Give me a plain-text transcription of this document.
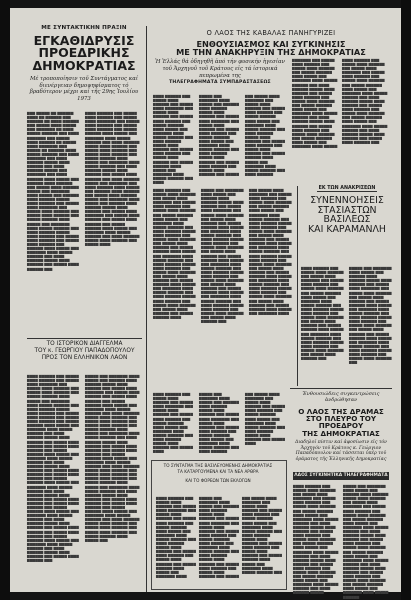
ΜΕ ΣΥΝΤΑΚΤΙΚΗΝ ΠΡΑΞΙΝ
ΕΓΚΑΘΙΔΡΥΣΙΣ
ΠΡΟΕΔΡΙΚΗΣ
ΔΗΜΟΚΡΑΤΙΑΣ
Μέ τροποποίησιν τοῦ Συντάγματος καί διενέργειαν δημοψηφίσματος τό βραδύτερον μέχρι καί τῆς 29ης Ἰουλίου 1973

▆▆▆ ▆▆▆▆▆ ▆▆ ▆▆▆▆▆▆ ▆▆▆▆ ▆▆ ▆▆▆▆▆▆ ▆▆▆ ▆▆▆▆▆▆ ▆▆ ▆▆▆▆ ▆▆▆▆▆▆ ▆▆▆ ▆▆▆▆▆ ▆▆▆▆ ▆▆▆▆▆ ▆▆▆ ▆▆▆▆▆▆▆ ▆▆ ▆▆▆▆ ▆▆▆▆▆ ▆▆▆▆▆▆ ▆▆▆ ▆▆▆▆ ▆▆▆▆▆▆▆ ▆▆▆ ▆▆▆▆▆ ▆▆▆▆ ▆▆▆▆▆▆ ▆▆ ▆▆▆▆▆ ▆▆▆▆ ▆▆▆▆▆▆▆ ▆▆▆ ▆▆▆▆▆ ▆▆ ▆▆▆▆▆▆ ▆▆▆▆ ▆▆▆▆▆ ▆▆▆▆▆▆ ▆▆▆ ▆▆▆▆ ▆▆▆▆▆▆▆ ▆▆▆ ▆▆▆▆ ▆▆▆▆▆▆ ▆▆▆▆▆ ▆▆▆▆ ▆▆▆▆▆▆ ▆▆▆ ▆▆▆▆ ▆▆▆▆▆▆ ▆▆▆▆▆ ▆▆▆ ▆▆▆▆▆▆▆ ▆▆▆ ▆▆▆▆ ▆▆▆▆▆▆ ▆▆▆▆ ▆▆▆▆▆ ▆▆▆ ▆▆▆▆▆▆ ▆▆▆▆ ▆▆▆▆▆▆ ▆▆▆ ▆▆▆▆▆ ▆▆▆▆ ▆▆▆▆▆▆ ▆▆▆▆▆ ▆▆▆ ▆▆▆▆▆▆▆ ▆▆▆▆ ▆▆▆▆▆ ▆▆▆ ▆▆▆▆▆▆ ▆▆▆▆ ▆▆▆▆▆▆ ▆▆▆▆▆ ▆▆▆▆ ▆▆▆▆▆▆ ▆▆▆ ▆▆▆▆▆ ▆▆▆▆ ▆▆▆▆▆▆▆ ▆▆▆ ▆▆▆▆▆ ▆▆▆▆ ▆▆▆▆▆▆ ▆▆▆ ▆▆▆▆▆ ▆▆▆▆ ▆▆▆▆▆▆ ▆▆▆ ▆▆▆▆▆ ▆▆▆▆▆▆ ▆▆▆▆ ▆▆▆▆▆ ▆▆▆ ▆▆▆▆▆▆▆ ▆▆▆▆ ▆▆▆▆▆ ▆▆▆▆▆▆ ▆▆▆ ▆▆▆▆ ▆▆▆▆▆▆ ▆▆▆▆▆ ▆▆▆▆ ▆▆▆▆▆▆ ▆▆▆ ▆▆▆▆▆ ▆▆▆▆ ▆▆▆▆▆▆ ▆▆▆ ▆▆▆▆▆ ▆▆▆▆ ▆▆▆▆▆▆ ▆▆▆ ▆▆▆▆▆▆ ▆▆▆▆ ▆▆▆▆▆ ▆▆▆ ▆▆▆▆▆▆▆ ▆▆▆▆ ▆▆▆▆▆ ▆▆▆▆▆▆ ▆▆▆ ▆▆▆▆ ▆▆▆▆▆▆ ▆▆▆▆▆ ▆▆▆▆ ▆▆▆▆▆▆ ▆▆▆ ▆▆▆▆▆ ▆▆▆▆ ▆▆▆▆▆▆ ▆▆▆

▆▆▆▆ ▆▆▆▆▆▆ ▆▆▆ ▆▆▆▆▆ ▆▆▆▆ ▆▆▆▆▆▆ ▆▆▆ ▆▆▆▆▆ ▆▆▆▆ ▆▆▆▆▆▆▆ ▆▆▆ ▆▆▆▆▆ ▆▆▆▆ ▆▆▆▆▆▆ ▆▆▆ ▆▆▆▆▆ ▆▆▆▆ ▆▆▆▆▆▆ ▆▆▆ ▆▆▆▆▆ ▆▆▆▆▆▆ ▆▆▆▆ ▆▆▆▆▆ ▆▆▆ ▆▆▆▆▆▆▆ ▆▆▆▆ ▆▆▆▆▆ ▆▆▆▆▆▆ ▆▆▆ ▆▆▆▆ ▆▆▆▆▆▆ ▆▆▆▆▆ ▆▆▆▆ ▆▆▆▆▆▆ ▆▆▆ ▆▆▆▆▆ ▆▆▆▆ ▆▆▆▆▆▆ ▆▆▆ ▆▆▆▆▆ ▆▆▆▆ ▆▆▆▆▆▆ ▆▆▆ ▆▆▆▆▆ ▆▆▆▆▆▆ ▆▆▆▆ ▆▆▆▆▆ ▆▆▆ ▆▆▆▆▆▆▆ ▆▆▆▆ ▆▆▆▆▆ ▆▆▆▆▆▆ ▆▆▆ ▆▆▆▆ ▆▆▆▆▆▆ ▆▆▆▆▆ ▆▆▆▆ ▆▆▆▆▆▆ ▆▆▆ ▆▆▆▆▆ ▆▆▆▆ ▆▆▆▆▆▆ ▆▆▆ ▆▆▆▆ ▆▆▆▆▆▆ ▆▆▆▆▆ ▆▆▆ ▆▆▆▆▆▆▆ ▆▆▆ ▆▆▆▆ ▆▆▆▆▆▆ ▆▆▆▆ ▆▆▆▆▆ ▆▆▆ ▆▆▆▆▆▆ ▆▆▆▆ ▆▆▆▆▆▆ ▆▆▆ ▆▆▆▆▆ ▆▆▆▆ ▆▆▆▆▆▆ ▆▆▆▆▆ ▆▆▆ ▆▆▆▆▆▆▆ ▆▆▆▆ ▆▆▆▆▆ ▆▆▆ ▆▆▆▆▆▆ ▆▆▆▆ ▆▆▆▆▆▆ ▆▆▆▆▆ ▆▆▆▆ ▆▆▆▆▆▆ ▆▆▆ ▆▆▆▆▆ ▆▆▆▆ ▆▆▆▆▆▆▆ ▆▆▆ ▆▆▆▆▆ ▆▆▆▆ ▆▆▆▆▆▆ ▆▆▆ ▆▆▆▆▆ ▆▆▆▆ ▆▆▆▆▆▆ ▆▆▆ ▆▆▆▆▆ ▆▆▆▆▆▆ ▆▆▆▆ ▆▆▆▆▆ ▆▆▆ ▆▆▆▆▆▆▆ ▆▆▆▆ ▆▆▆▆▆ ▆▆▆▆▆▆ ▆▆▆ ▆▆▆▆ ▆▆▆▆▆▆ ▆▆▆▆▆ ▆▆▆▆ ▆▆▆▆▆▆ ▆▆▆ ▆▆▆▆▆ ▆▆▆▆

Ο ΛΑΟΣ ΤΗΣ ΚΑΒΑΛΑΣ ΠΑΝΗΓΥΡΙΖΕΙ
ΕΝΘΟΥΣΙΑΣΜΟΣ ΚΑΙ ΣΥΓΚΙΝΗΣΙΣ
ΜΕ ΤΗΝ ΑΝΑΚΗΡΥΞΙΝ ΤΗΣ ΔΗΜΟΚΡΑΤΙΑΣ
Ἡ Ἑλλάς θά ὁδηγηθῆ ἀπό τήν φυσικήν ἡγεσίαν τοῦ Ἀρχηγοῦ τοῦ Κράτους εἰς τά ἱστορικά πεπρωμένα της
ΤΗΛΕΓΡΑΦΗΜΑΤΑ ΣΥΜΠΑΡΑΣΤΑΣΕΩΣ

▆▆▆▆ ▆▆▆▆▆▆ ▆▆▆ ▆▆▆▆▆ ▆▆▆▆ ▆▆▆▆▆▆ ▆▆▆ ▆▆▆▆▆ ▆▆▆▆ ▆▆▆▆▆▆▆ ▆▆▆ ▆▆▆▆▆ ▆▆▆▆ ▆▆▆▆▆▆ ▆▆▆ ▆▆▆▆▆ ▆▆▆▆ ▆▆▆▆▆▆ ▆▆▆ ▆▆▆▆▆ ▆▆▆▆▆▆ ▆▆▆▆ ▆▆▆▆▆ ▆▆▆ ▆▆▆▆▆▆▆ ▆▆▆▆ ▆▆▆▆▆ ▆▆▆▆▆▆ ▆▆▆ ▆▆▆▆ ▆▆▆▆▆▆ ▆▆▆▆▆ ▆▆▆▆ ▆▆▆▆▆▆ ▆▆▆ ▆▆▆▆▆ ▆▆▆▆ ▆▆▆▆▆▆ ▆▆▆ ▆▆▆▆▆ ▆▆▆▆ ▆▆▆▆▆▆ ▆▆▆ ▆▆▆▆▆ ▆▆▆▆▆▆ ▆▆▆▆ ▆▆▆▆▆ ▆▆▆ ▆▆▆▆▆▆▆ ▆▆▆▆ ▆▆▆▆▆ ▆▆▆▆▆▆ ▆▆▆ ▆▆▆▆

▆▆▆▆▆ ▆▆▆ ▆▆▆▆▆▆▆ ▆▆▆▆ ▆▆▆▆▆ ▆▆▆ ▆▆▆▆▆▆ ▆▆▆▆ ▆▆▆▆▆▆ ▆▆▆▆▆ ▆▆▆▆ ▆▆▆▆▆▆ ▆▆▆ ▆▆▆▆▆ ▆▆▆▆ ▆▆▆▆▆▆▆ ▆▆▆ ▆▆▆▆▆ ▆▆▆▆ ▆▆▆▆▆▆ ▆▆▆ ▆▆▆▆▆ ▆▆▆▆ ▆▆▆▆▆▆ ▆▆▆ ▆▆▆▆▆ ▆▆▆▆▆▆ ▆▆▆▆ ▆▆▆▆▆ ▆▆▆ ▆▆▆▆▆▆▆ ▆▆▆▆ ▆▆▆▆▆ ▆▆▆▆▆▆ ▆▆▆ ▆▆▆▆ ▆▆▆▆▆▆ ▆▆▆▆▆ ▆▆▆▆ ▆▆▆▆▆▆ ▆▆▆ ▆▆▆▆▆ ▆▆▆▆ ▆▆▆▆▆▆ ▆▆▆ ▆▆▆▆▆ ▆▆▆▆ ▆▆▆▆▆▆ ▆▆▆ ▆▆▆▆▆

▆▆▆ ▆▆▆▆▆ ▆▆▆▆ ▆▆▆▆▆▆▆ ▆▆▆ ▆▆▆▆▆ ▆▆▆▆ ▆▆▆▆▆▆ ▆▆▆ ▆▆▆▆▆ ▆▆▆▆ ▆▆▆▆▆▆ ▆▆▆ ▆▆▆▆▆ ▆▆▆▆▆▆ ▆▆▆▆ ▆▆▆▆▆ ▆▆▆ ▆▆▆▆▆▆▆ ▆▆▆▆ ▆▆▆▆▆ ▆▆▆▆▆▆ ▆▆▆ ▆▆▆▆ ▆▆▆▆▆▆ ▆▆▆▆▆ ▆▆▆▆ ▆▆▆▆▆▆ ▆▆▆ ▆▆▆▆▆ ▆▆▆▆ ▆▆▆▆▆▆ ▆▆▆ ▆▆▆▆▆ ▆▆▆▆ ▆▆▆▆▆▆ ▆▆▆ ▆▆▆▆▆ ▆▆▆▆▆▆ ▆▆▆▆ ▆▆▆▆▆ ▆▆▆ ▆▆▆▆▆▆▆ ▆▆▆▆ ▆▆▆▆▆ ▆▆▆▆▆▆ ▆▆▆ ▆▆▆▆ ▆▆▆▆▆▆

▆▆▆▆▆▆▆ ▆▆▆ ▆▆▆▆▆ ▆▆▆▆ ▆▆▆▆▆▆ ▆▆▆ ▆▆▆▆▆ ▆▆▆▆ ▆▆▆▆▆▆ ▆▆▆ ▆▆▆▆▆ ▆▆▆▆▆▆ ▆▆▆▆ ▆▆▆▆▆ ▆▆▆ ▆▆▆▆▆▆▆ ▆▆▆▆ ▆▆▆▆▆ ▆▆▆▆▆▆ ▆▆▆ ▆▆▆▆ ▆▆▆▆▆▆ ▆▆▆▆▆ ▆▆▆▆ ▆▆▆▆▆▆ ▆▆▆ ▆▆▆▆▆ ▆▆▆▆ ▆▆▆▆▆▆ ▆▆▆ ▆▆▆▆▆ ▆▆▆▆ ▆▆▆▆▆▆ ▆▆▆ ▆▆▆▆▆ ▆▆▆▆▆▆ ▆▆▆▆ ▆▆▆▆▆ ▆▆▆ ▆▆▆▆▆▆▆ ▆▆▆▆ ▆▆▆▆▆ ▆▆▆▆▆▆ ▆▆▆ ▆▆▆▆ ▆▆▆▆▆▆ ▆▆▆▆▆ ▆▆▆▆ ▆▆▆▆▆▆ ▆▆▆ ▆▆▆▆▆ ▆▆▆▆ ▆▆▆▆▆▆ ▆▆▆ ▆▆▆▆▆ ▆▆▆▆ ▆▆▆▆▆▆ ▆▆▆ ▆▆▆▆▆ ▆▆▆▆▆▆ ▆▆▆▆ ▆▆▆▆▆ ▆▆▆ ▆▆▆▆▆▆▆ ▆▆▆▆ ▆▆▆▆▆

▆▆▆▆ ▆▆▆▆▆▆ ▆▆▆ ▆▆▆▆▆ ▆▆▆▆ ▆▆▆▆▆▆ ▆▆▆ ▆▆▆▆▆ ▆▆▆▆ ▆▆▆▆▆▆▆ ▆▆▆ ▆▆▆▆▆ ▆▆▆▆ ▆▆▆▆▆▆ ▆▆▆ ▆▆▆▆▆ ▆▆▆▆ ▆▆▆▆▆▆ ▆▆▆ ▆▆▆▆▆ ▆▆▆▆▆▆ ▆▆▆▆ ▆▆▆▆▆ ▆▆▆ ▆▆▆▆▆▆▆ ▆▆▆▆ ▆▆▆▆▆ ▆▆▆▆▆▆ ▆▆▆ ▆▆▆▆ ▆▆▆▆▆▆ ▆▆▆▆▆ ▆▆▆▆ ▆▆▆▆▆▆ ▆▆▆ ▆▆▆▆▆ ▆▆▆▆ ▆▆▆▆▆▆ ▆▆▆ ▆▆▆▆▆ ▆▆▆▆ ▆▆▆▆▆▆ ▆▆▆ ▆▆▆▆▆ ▆▆▆▆▆▆ ▆▆▆▆ ▆▆▆▆▆ ▆▆▆ ▆▆▆▆▆▆▆ ▆▆▆▆ ▆▆▆▆▆ ▆▆▆▆▆▆ ▆▆▆ ▆▆▆▆ ▆▆▆▆▆▆ ▆▆▆▆▆ ▆▆▆▆ ▆▆▆▆▆▆ ▆▆▆ ▆▆▆▆▆ ▆▆▆▆ ▆▆▆▆▆▆ ▆▆▆

▆▆▆▆ ▆▆▆▆▆▆ ▆▆▆ ▆▆▆▆▆ ▆▆▆▆ ▆▆▆▆▆▆ ▆▆▆ ▆▆▆▆▆ ▆▆▆▆ ▆▆▆▆▆▆▆ ▆▆▆ ▆▆▆▆▆ ▆▆▆▆ ▆▆▆▆▆▆ ▆▆▆ ▆▆▆▆▆ ▆▆▆▆ ▆▆▆▆▆▆ ▆▆▆ ▆▆▆▆▆ ▆▆▆▆▆▆ ▆▆▆▆ ▆▆▆▆▆ ▆▆▆ ▆▆▆▆▆▆▆ ▆▆▆▆ ▆▆▆▆▆ ▆▆▆▆▆▆ ▆▆▆ ▆▆▆▆ ▆▆▆▆▆▆ ▆▆▆▆▆ ▆▆▆▆ ▆▆▆▆▆▆ ▆▆▆ ▆▆▆▆▆ ▆▆▆▆ ▆▆▆▆▆▆ ▆▆▆ ▆▆▆▆▆ ▆▆▆▆ ▆▆▆▆▆▆ ▆▆▆ ▆▆▆▆▆ ▆▆▆▆▆▆ ▆▆▆▆ ▆▆▆▆▆ ▆▆▆ ▆▆▆▆▆▆▆ ▆▆▆▆ ▆▆▆▆▆ ▆▆▆▆▆▆ ▆▆▆ ▆▆▆▆ ▆▆▆▆▆▆ ▆▆▆▆▆ ▆▆▆▆ ▆▆▆▆▆▆ ▆▆▆ ▆▆▆▆▆ ▆▆▆▆ ▆▆▆▆▆▆ ▆▆▆ ▆▆▆▆▆ ▆▆▆▆ ▆▆▆▆▆▆ ▆▆▆ ▆▆▆▆▆ ▆▆▆▆▆▆ ▆▆▆▆ ▆▆▆▆▆ ▆▆▆ ▆▆▆▆▆▆▆ ▆▆▆▆ ▆▆▆▆▆ ▆▆▆▆▆▆ ▆▆▆ ▆▆▆▆ ▆▆▆▆▆▆ ▆▆▆▆▆ ▆▆▆▆ ▆▆▆▆▆▆ ▆▆▆ ▆▆▆▆▆ ▆▆▆▆ ▆▆▆▆▆▆ ▆▆▆ ▆▆▆▆▆ ▆▆▆▆ ▆▆▆▆▆▆ ▆▆▆ ▆▆▆▆▆ ▆▆▆▆▆▆ ▆▆▆▆

▆▆▆▆▆ ▆▆▆ ▆▆▆▆▆▆▆ ▆▆▆▆ ▆▆▆▆▆ ▆▆▆ ▆▆▆▆▆▆ ▆▆▆▆ ▆▆▆▆▆▆ ▆▆▆▆▆ ▆▆▆▆ ▆▆▆▆▆▆ ▆▆▆ ▆▆▆▆▆ ▆▆▆▆ ▆▆▆▆▆▆▆ ▆▆▆ ▆▆▆▆▆ ▆▆▆▆ ▆▆▆▆▆▆ ▆▆▆ ▆▆▆▆▆ ▆▆▆▆ ▆▆▆▆▆▆ ▆▆▆ ▆▆▆▆▆ ▆▆▆▆▆▆ ▆▆▆▆ ▆▆▆▆▆ ▆▆▆ ▆▆▆▆▆▆▆ ▆▆▆▆ ▆▆▆▆▆ ▆▆▆▆▆▆ ▆▆▆ ▆▆▆▆ ▆▆▆▆▆▆ ▆▆▆▆▆ ▆▆▆▆ ▆▆▆▆▆▆ ▆▆▆ ▆▆▆▆▆ ▆▆▆▆ ▆▆▆▆▆▆ ▆▆▆ ▆▆▆▆▆ ▆▆▆▆ ▆▆▆▆▆▆ ▆▆▆ ▆▆▆▆▆ ▆▆▆▆▆▆ ▆▆▆▆ ▆▆▆▆▆ ▆▆▆ ▆▆▆▆▆▆▆ ▆▆▆▆ ▆▆▆▆▆ ▆▆▆▆▆▆ ▆▆▆ ▆▆▆▆ ▆▆▆▆▆▆ ▆▆▆▆▆ ▆▆▆▆ ▆▆▆▆▆▆ ▆▆▆ ▆▆▆▆▆ ▆▆▆▆ ▆▆▆▆▆▆ ▆▆▆ ▆▆▆▆▆ ▆▆▆▆ ▆▆▆▆▆▆ ▆▆▆ ▆▆▆▆▆ ▆▆▆▆▆▆ ▆▆▆▆ ▆▆▆▆▆ ▆▆▆ ▆▆▆▆▆▆▆ ▆▆▆▆ ▆▆▆▆▆ ▆▆▆▆▆▆ ▆▆▆ ▆▆▆▆ ▆▆▆▆▆▆ ▆▆▆▆▆ ▆▆▆▆ ▆▆▆▆▆▆ ▆▆▆ ▆▆▆▆▆ ▆▆▆▆ ▆▆▆▆▆▆ ▆▆▆ ▆▆▆▆▆ ▆▆▆▆ ▆▆▆▆▆▆ ▆▆▆

▆▆▆ ▆▆▆▆▆ ▆▆▆▆ ▆▆▆▆▆▆▆ ▆▆▆ ▆▆▆▆▆ ▆▆▆▆ ▆▆▆▆▆▆ ▆▆▆ ▆▆▆▆▆ ▆▆▆▆ ▆▆▆▆▆▆ ▆▆▆ ▆▆▆▆▆ ▆▆▆▆▆▆ ▆▆▆▆ ▆▆▆▆▆ ▆▆▆ ▆▆▆▆▆▆▆ ▆▆▆▆ ▆▆▆▆▆ ▆▆▆▆▆▆ ▆▆▆ ▆▆▆▆ ▆▆▆▆▆▆ ▆▆▆▆▆ ▆▆▆▆ ▆▆▆▆▆▆ ▆▆▆ ▆▆▆▆▆ ▆▆▆▆ ▆▆▆▆▆▆ ▆▆▆ ▆▆▆▆▆ ▆▆▆▆ ▆▆▆▆▆▆ ▆▆▆ ▆▆▆▆▆ ▆▆▆▆▆▆ ▆▆▆▆ ▆▆▆▆▆ ▆▆▆ ▆▆▆▆▆▆▆ ▆▆▆▆ ▆▆▆▆▆ ▆▆▆▆▆▆ ▆▆▆ ▆▆▆▆ ▆▆▆▆▆▆ ▆▆▆▆▆ ▆▆▆▆ ▆▆▆▆▆▆ ▆▆▆ ▆▆▆▆▆ ▆▆▆▆ ▆▆▆▆▆▆ ▆▆▆ ▆▆▆▆▆ ▆▆▆▆ ▆▆▆▆▆▆ ▆▆▆ ▆▆▆▆▆ ▆▆▆▆▆▆ ▆▆▆▆ ▆▆▆▆▆ ▆▆▆ ▆▆▆▆▆▆▆ ▆▆▆▆ ▆▆▆▆▆ ▆▆▆▆▆▆ ▆▆▆ ▆▆▆▆ ▆▆▆▆▆▆ ▆▆▆▆▆ ▆▆▆▆ ▆▆▆▆▆▆ ▆▆▆ ▆▆▆▆▆ ▆▆▆▆ ▆▆▆▆▆▆ ▆▆▆ ▆▆▆▆▆ ▆▆▆▆ ▆▆▆▆▆▆ ▆▆▆ ▆▆▆▆▆ ▆▆▆▆▆▆ ▆▆▆▆ ▆▆▆▆▆ ▆▆▆ ▆▆▆▆▆▆▆ ▆▆▆▆

ΕΚ ΤΩΝ ΑΝΑΚΡΙΣΕΩΝ
ΣΥΝΕΝΝΟΗΣΕΙΣ
ΣΤΑΣΙΑΣΤΩΝ
ΒΑΣΙΛΕΩΣ
ΚΑΙ ΚΑΡΑΜΑΝΛΗ

▆▆▆▆ ▆▆▆▆▆▆ ▆▆▆ ▆▆▆▆▆ ▆▆▆▆ ▆▆▆▆▆▆ ▆▆▆ ▆▆▆▆▆ ▆▆▆▆ ▆▆▆▆▆▆▆ ▆▆▆ ▆▆▆▆▆ ▆▆▆▆ ▆▆▆▆▆▆ ▆▆▆ ▆▆▆▆▆ ▆▆▆▆ ▆▆▆▆▆▆ ▆▆▆ ▆▆▆▆▆ ▆▆▆▆▆▆ ▆▆▆▆ ▆▆▆▆▆ ▆▆▆ ▆▆▆▆▆▆▆ ▆▆▆▆ ▆▆▆▆▆ ▆▆▆▆▆▆ ▆▆▆ ▆▆▆▆ ▆▆▆▆▆▆ ▆▆▆▆▆ ▆▆▆▆ ▆▆▆▆▆▆ ▆▆▆ ▆▆▆▆▆ ▆▆▆▆ ▆▆▆▆▆▆ ▆▆▆ ▆▆▆▆▆ ▆▆▆▆ ▆▆▆▆▆▆ ▆▆▆ ▆▆▆▆▆ ▆▆▆▆▆▆ ▆▆▆▆ ▆▆▆▆▆ ▆▆▆ ▆▆▆▆▆▆▆ ▆▆▆▆ ▆▆▆▆▆ ▆▆▆▆▆▆ ▆▆▆ ▆▆▆▆ ▆▆▆▆▆▆ ▆▆▆▆▆ ▆▆▆▆ ▆▆▆▆▆▆ ▆▆▆ ▆▆▆▆▆ ▆▆▆▆ ▆▆▆▆▆▆ ▆▆▆ ▆▆▆▆▆ ▆▆▆▆ ▆▆▆▆▆▆ ▆▆▆

▆▆▆▆▆ ▆▆▆ ▆▆▆▆▆▆▆ ▆▆▆▆ ▆▆▆▆▆ ▆▆▆ ▆▆▆▆▆▆ ▆▆▆▆ ▆▆▆▆▆▆ ▆▆▆▆▆ ▆▆▆▆ ▆▆▆▆▆▆ ▆▆▆ ▆▆▆▆▆ ▆▆▆▆ ▆▆▆▆▆▆▆ ▆▆▆ ▆▆▆▆▆ ▆▆▆▆ ▆▆▆▆▆▆ ▆▆▆ ▆▆▆▆▆ ▆▆▆▆ ▆▆▆▆▆▆ ▆▆▆ ▆▆▆▆▆ ▆▆▆▆▆▆ ▆▆▆▆ ▆▆▆▆▆ ▆▆▆ ▆▆▆▆▆▆▆ ▆▆▆▆ ▆▆▆▆▆ ▆▆▆▆▆▆ ▆▆▆ ▆▆▆▆ ▆▆▆▆▆▆ ▆▆▆▆▆ ▆▆▆▆ ▆▆▆▆▆▆ ▆▆▆ ▆▆▆▆▆ ▆▆▆▆ ▆▆▆▆▆▆ ▆▆▆ ▆▆▆▆▆ ▆▆▆▆ ▆▆▆▆▆▆ ▆▆▆ ▆▆▆▆▆ ▆▆▆▆▆▆ ▆▆▆▆ ▆▆▆▆▆ ▆▆▆ ▆▆▆▆▆▆▆ ▆▆▆▆ ▆▆▆▆▆ ▆▆▆▆▆▆ ▆▆▆ ▆▆▆▆ ▆▆▆▆▆▆ ▆▆▆▆▆ ▆▆▆▆ ▆▆▆▆▆▆ ▆▆▆ ▆▆▆▆▆ ▆▆▆▆ ▆▆▆▆▆▆ ▆▆▆

ΤΟ ΙΣΤΟΡΙΚΟΝ ΔΙΑΓΓΕΛΜΑ
ΤΟΥ κ. ΓΕΩΡΓΙΟΥ ΠΑΠΑΔΟΠΟΥΛΟΥ
ΠΡΟΣ ΤΟΝ ΕΛΛΗΝΙΚΟΝ ΛΑΟΝ

▆▆▆▆ ▆▆▆▆▆▆ ▆▆▆ ▆▆▆▆▆ ▆▆▆▆ ▆▆▆▆▆▆ ▆▆▆ ▆▆▆▆▆ ▆▆▆▆ ▆▆▆▆▆▆▆ ▆▆▆ ▆▆▆▆▆ ▆▆▆▆ ▆▆▆▆▆▆ ▆▆▆ ▆▆▆▆▆ ▆▆▆▆ ▆▆▆▆▆▆ ▆▆▆ ▆▆▆▆▆ ▆▆▆▆▆▆ ▆▆▆▆ ▆▆▆▆▆ ▆▆▆ ▆▆▆▆▆▆▆ ▆▆▆▆ ▆▆▆▆▆ ▆▆▆▆▆▆ ▆▆▆ ▆▆▆▆ ▆▆▆▆▆▆ ▆▆▆▆▆ ▆▆▆▆ ▆▆▆▆▆▆ ▆▆▆ ▆▆▆▆▆ ▆▆▆▆ ▆▆▆▆▆▆ ▆▆▆ ▆▆▆▆▆ ▆▆▆▆ ▆▆▆▆▆▆ ▆▆▆ ▆▆▆▆▆ ▆▆▆▆▆▆ ▆▆▆▆ ▆▆▆▆▆ ▆▆▆ ▆▆▆▆▆▆▆ ▆▆▆▆ ▆▆▆▆▆ ▆▆▆▆▆▆ ▆▆▆ ▆▆▆▆ ▆▆▆▆▆▆ ▆▆▆▆▆ ▆▆▆▆ ▆▆▆▆▆▆ ▆▆▆ ▆▆▆▆▆ ▆▆▆▆ ▆▆▆▆▆▆ ▆▆▆ ▆▆▆▆▆ ▆▆▆▆ ▆▆▆▆▆▆ ▆▆▆ ▆▆▆▆▆ ▆▆▆▆▆▆ ▆▆▆▆ ▆▆▆▆▆ ▆▆▆ ▆▆▆▆▆▆▆ ▆▆▆▆ ▆▆▆▆▆ ▆▆▆▆▆▆ ▆▆▆ ▆▆▆▆ ▆▆▆▆▆▆ ▆▆▆▆▆ ▆▆▆▆ ▆▆▆▆▆▆ ▆▆▆ ▆▆▆▆▆ ▆▆▆▆ ▆▆▆▆▆▆ ▆▆▆ ▆▆▆▆▆ ▆▆▆▆ ▆▆▆▆▆▆ ▆▆▆ ▆▆▆▆▆ ▆▆▆▆▆▆ ▆▆▆▆ ▆▆▆▆▆ ▆▆▆ ▆▆▆▆▆▆▆ ▆▆▆▆ ▆▆▆▆▆ ▆▆▆▆▆▆ ▆▆▆ ▆▆▆▆ ▆▆▆▆▆▆ ▆▆▆▆▆ ▆▆▆▆ ▆▆▆▆▆▆ ▆▆▆ ▆▆▆▆▆ ▆▆▆▆ ▆▆▆▆▆▆ ▆▆▆ ▆▆▆▆▆ ▆▆▆▆ ▆▆▆▆▆▆ ▆▆▆ ▆▆▆▆▆ ▆▆▆▆▆▆ ▆▆▆▆ ▆▆▆▆▆ ▆▆▆ ▆▆▆▆▆▆▆ ▆▆▆▆ ▆▆▆▆▆ ▆▆▆▆▆▆ ▆▆▆ ▆▆▆▆ ▆▆▆▆▆▆ ▆▆▆▆▆ ▆▆▆▆ ▆▆▆▆▆▆ ▆▆▆ ▆▆▆▆▆ ▆▆▆▆ ▆▆▆▆▆▆ ▆▆▆ ▆▆▆▆▆ ▆▆▆▆ ▆▆▆▆▆▆ ▆▆▆ ▆▆▆▆▆ ▆▆▆▆▆▆ ▆▆▆▆ ▆▆▆▆▆ ▆▆▆ ▆▆▆▆▆▆▆ ▆▆▆▆ ▆▆▆▆▆ ▆▆▆▆▆▆ ▆▆▆ ▆▆▆▆ ▆▆▆▆▆▆ ▆▆▆▆▆ ▆▆▆▆ ▆▆▆▆▆▆ ▆▆▆ ▆▆▆▆▆ ▆▆▆▆ ▆▆▆▆▆▆ ▆▆▆

▆▆▆▆▆ ▆▆▆ ▆▆▆▆▆▆▆ ▆▆▆▆ ▆▆▆▆▆ ▆▆▆ ▆▆▆▆▆▆ ▆▆▆▆ ▆▆▆▆▆▆ ▆▆▆▆▆ ▆▆▆▆ ▆▆▆▆▆▆ ▆▆▆ ▆▆▆▆▆ ▆▆▆▆ ▆▆▆▆▆▆▆ ▆▆▆ ▆▆▆▆▆ ▆▆▆▆ ▆▆▆▆▆▆ ▆▆▆ ▆▆▆▆▆ ▆▆▆▆ ▆▆▆▆▆▆ ▆▆▆ ▆▆▆▆▆ ▆▆▆▆▆▆ ▆▆▆▆ ▆▆▆▆▆ ▆▆▆ ▆▆▆▆▆▆▆ ▆▆▆▆ ▆▆▆▆▆ ▆▆▆▆▆▆ ▆▆▆ ▆▆▆▆ ▆▆▆▆▆▆ ▆▆▆▆▆ ▆▆▆▆ ▆▆▆▆▆▆ ▆▆▆ ▆▆▆▆▆ ▆▆▆▆ ▆▆▆▆▆▆ ▆▆▆ ▆▆▆▆▆ ▆▆▆▆ ▆▆▆▆▆▆ ▆▆▆ ▆▆▆▆▆ ▆▆▆▆▆▆ ▆▆▆▆ ▆▆▆▆▆ ▆▆▆ ▆▆▆▆▆▆▆ ▆▆▆▆ ▆▆▆▆▆ ▆▆▆▆▆▆ ▆▆▆ ▆▆▆▆ ▆▆▆▆▆▆ ▆▆▆▆▆ ▆▆▆▆ ▆▆▆▆▆▆ ▆▆▆ ▆▆▆▆▆ ▆▆▆▆ ▆▆▆▆▆▆ ▆▆▆ ▆▆▆▆▆ ▆▆▆▆ ▆▆▆▆▆▆ ▆▆▆ ▆▆▆▆▆ ▆▆▆▆▆▆ ▆▆▆▆ ▆▆▆▆▆ ▆▆▆ ▆▆▆▆▆▆▆ ▆▆▆▆ ▆▆▆▆▆ ▆▆▆▆▆▆ ▆▆▆ ▆▆▆▆ ▆▆▆▆▆▆ ▆▆▆▆▆ ▆▆▆▆ ▆▆▆▆▆▆ ▆▆▆ ▆▆▆▆▆ ▆▆▆▆ ▆▆▆▆▆▆ ▆▆▆ ▆▆▆▆▆ ▆▆▆▆ ▆▆▆▆▆▆ ▆▆▆ ▆▆▆▆▆ ▆▆▆▆▆▆ ▆▆▆▆ ▆▆▆▆▆ ▆▆▆ ▆▆▆▆▆▆▆ ▆▆▆▆ ▆▆▆▆▆ ▆▆▆▆▆▆ ▆▆▆ ▆▆▆▆ ▆▆▆▆▆▆ ▆▆▆▆▆ ▆▆▆▆ ▆▆▆▆▆▆ ▆▆▆ ▆▆▆▆▆ ▆▆▆▆ ▆▆▆▆▆▆ ▆▆▆ ▆▆▆▆▆ ▆▆▆▆ ▆▆▆▆▆▆ ▆▆▆ ▆▆▆▆▆ ▆▆▆▆▆▆ ▆▆▆▆ ▆▆▆▆▆ ▆▆▆ ▆▆▆▆▆▆▆ ▆▆▆▆ ▆▆▆▆▆ ▆▆▆▆▆▆ ▆▆▆ ▆▆▆▆ ▆▆▆▆▆▆ ▆▆▆▆▆ ▆▆▆▆ ▆▆▆▆▆▆ ▆▆▆ ▆▆▆▆▆ ▆▆▆▆ ▆▆▆▆▆▆ ▆▆▆ ▆▆▆▆▆ ▆▆▆▆ ▆▆▆▆▆▆ ▆▆▆ ▆▆▆▆▆ ▆▆▆▆▆▆ ▆▆▆▆ ▆▆▆▆▆ ▆▆▆

▆▆▆▆ ▆▆▆▆▆▆ ▆▆▆ ▆▆▆▆▆ ▆▆▆▆ ▆▆▆▆▆▆ ▆▆▆ ▆▆▆▆▆ ▆▆▆▆ ▆▆▆▆▆▆▆ ▆▆▆ ▆▆▆▆▆ ▆▆▆▆ ▆▆▆▆▆▆ ▆▆▆ ▆▆▆▆▆ ▆▆▆▆ ▆▆▆▆▆▆ ▆▆▆ ▆▆▆▆▆ ▆▆▆▆▆▆ ▆▆▆▆ ▆▆▆▆▆ ▆▆▆ ▆▆▆▆▆▆▆ ▆▆▆▆ ▆▆▆▆▆ ▆▆▆▆▆▆ ▆▆▆ ▆▆▆▆ ▆▆▆▆▆▆ ▆▆▆▆▆ ▆▆▆▆ ▆▆▆▆▆▆ ▆▆▆ ▆▆▆▆▆ ▆▆▆▆

▆▆▆▆▆ ▆▆▆ ▆▆▆▆▆▆▆ ▆▆▆▆ ▆▆▆▆▆ ▆▆▆ ▆▆▆▆▆▆ ▆▆▆▆ ▆▆▆▆▆▆ ▆▆▆▆▆ ▆▆▆▆ ▆▆▆▆▆▆ ▆▆▆ ▆▆▆▆▆ ▆▆▆▆ ▆▆▆▆▆▆▆ ▆▆▆ ▆▆▆▆▆ ▆▆▆▆ ▆▆▆▆▆▆ ▆▆▆ ▆▆▆▆▆ ▆▆▆▆ ▆▆▆▆▆▆ ▆▆▆ ▆▆▆▆▆ ▆▆▆▆▆▆ ▆▆▆▆ ▆▆▆▆▆ ▆▆▆ ▆▆▆▆▆▆▆ ▆▆▆▆ ▆▆▆▆▆ ▆▆▆▆▆▆ ▆▆▆ ▆▆▆▆ ▆▆▆▆▆▆

▆▆▆ ▆▆▆▆▆ ▆▆▆▆ ▆▆▆▆▆▆▆ ▆▆▆ ▆▆▆▆▆ ▆▆▆▆ ▆▆▆▆▆▆ ▆▆▆ ▆▆▆▆▆ ▆▆▆▆ ▆▆▆▆▆▆ ▆▆▆ ▆▆▆▆▆ ▆▆▆▆▆▆ ▆▆▆▆ ▆▆▆▆▆ ▆▆▆ ▆▆▆▆▆▆▆ ▆▆▆▆ ▆▆▆▆▆ ▆▆▆▆▆▆ ▆▆▆ ▆▆▆▆ ▆▆▆▆▆▆ ▆▆▆▆▆ ▆▆▆▆ ▆▆▆▆▆▆ ▆▆▆ ▆▆▆▆▆ ▆▆▆▆

Ἐνθουσιώδεις συγκεντρώσεις ἀνδρώθησαν
Ο ΛΑΟΣ ΤΗΣ ΔΡΑΜΑΣ
ΣΤΟ ΠΛΕΥΡΟ ΤΟΥ ΠΡΟΕΔΡΟΥ
ΤΗΣ ΔΗΜΟΚΡΑΤΙΑΣ
Διαδηλοῖ πίστιν καί ἀφοσίωσιν εἰς τόν Ἀρχηγόν τοῦ Κράτους κ. Γεώργιον Παπαδόπουλον καί τάσσεται ὑπέρ τοῦ ὁράματος τῆς Ἑλληνικῆς Δημοκρατίας
ΛΑΟΣ ΣΥΓΚΙΝΗΤΙΚΑ ΤΗΛΕΓΡΑΦΗΜΑΤΑ

▆▆▆▆ ▆▆▆▆▆▆ ▆▆▆ ▆▆▆▆▆ ▆▆▆▆ ▆▆▆▆▆▆ ▆▆▆ ▆▆▆▆▆ ▆▆▆▆ ▆▆▆▆▆▆▆ ▆▆▆ ▆▆▆▆▆ ▆▆▆▆ ▆▆▆▆▆▆ ▆▆▆ ▆▆▆▆▆ ▆▆▆▆ ▆▆▆▆▆▆ ▆▆▆ ▆▆▆▆▆ ▆▆▆▆▆▆ ▆▆▆▆ ▆▆▆▆▆ ▆▆▆ ▆▆▆▆▆▆▆ ▆▆▆▆ ▆▆▆▆▆ ▆▆▆▆▆▆ ▆▆▆ ▆▆▆▆ ▆▆▆▆▆▆ ▆▆▆▆▆ ▆▆▆▆ ▆▆▆▆▆▆ ▆▆▆ ▆▆▆▆▆ ▆▆▆▆ ▆▆▆▆▆▆ ▆▆▆ ▆▆▆▆▆ ▆▆▆▆ ▆▆▆▆▆▆ ▆▆▆ ▆▆▆▆▆ ▆▆▆▆▆▆ ▆▆▆▆ ▆▆▆▆▆ ▆▆▆ ▆▆▆▆▆▆▆ ▆▆▆▆ ▆▆▆▆▆ ▆▆▆▆▆▆ ▆▆▆ ▆▆▆▆ ▆▆▆▆▆▆ ▆▆▆▆▆ ▆▆▆▆ ▆▆▆▆▆▆ ▆▆▆ ▆▆▆▆▆ ▆▆▆▆ ▆▆▆▆▆▆ ▆▆▆ ▆▆▆▆▆ ▆▆▆▆ ▆▆▆▆▆▆ ▆▆▆ ▆▆▆▆▆ ▆▆▆▆▆▆ ▆▆▆▆ ▆▆▆▆▆ ▆▆▆ ▆▆▆▆▆▆▆ ▆▆▆▆ ▆▆▆▆▆ ▆▆▆▆▆▆ ▆▆▆ ▆▆▆▆ ▆▆▆▆▆▆ ▆▆▆▆▆

▆▆▆▆▆ ▆▆▆ ▆▆▆▆▆▆▆ ▆▆▆▆ ▆▆▆▆▆ ▆▆▆ ▆▆▆▆▆▆ ▆▆▆▆ ▆▆▆▆▆▆ ▆▆▆▆▆ ▆▆▆▆ ▆▆▆▆▆▆ ▆▆▆ ▆▆▆▆▆ ▆▆▆▆ ▆▆▆▆▆▆▆ ▆▆▆ ▆▆▆▆▆ ▆▆▆▆ ▆▆▆▆▆▆ ▆▆▆ ▆▆▆▆▆ ▆▆▆▆ ▆▆▆▆▆▆ ▆▆▆ ▆▆▆▆▆ ▆▆▆▆▆▆ ▆▆▆▆ ▆▆▆▆▆ ▆▆▆ ▆▆▆▆▆▆▆ ▆▆▆▆ ▆▆▆▆▆ ▆▆▆▆▆▆ ▆▆▆ ▆▆▆▆ ▆▆▆▆▆▆ ▆▆▆▆▆ ▆▆▆▆ ▆▆▆▆▆▆ ▆▆▆ ▆▆▆▆▆ ▆▆▆▆ ▆▆▆▆▆▆ ▆▆▆ ▆▆▆▆▆ ▆▆▆▆ ▆▆▆▆▆▆ ▆▆▆ ▆▆▆▆▆ ▆▆▆▆▆▆ ▆▆▆▆ ▆▆▆▆▆ ▆▆▆ ▆▆▆▆▆▆▆ ▆▆▆▆ ▆▆▆▆▆ ▆▆▆▆▆▆ ▆▆▆ ▆▆▆▆ ▆▆▆▆▆▆ ▆▆▆▆▆ ▆▆▆▆ ▆▆▆▆▆▆ ▆▆▆ ▆▆▆▆▆ ▆▆▆▆ ▆▆▆▆▆▆ ▆▆▆ ▆▆▆▆▆ ▆▆▆▆ ▆▆▆▆▆▆ ▆▆▆ ▆▆▆▆▆ ▆▆▆▆▆▆ ▆▆▆▆ ▆▆▆▆▆ ▆▆▆ ▆▆▆▆▆▆▆ ▆▆▆▆ ▆▆▆▆▆ ▆▆▆▆▆▆

ΤΟ ΣΥΝΤΑΓΜΑ ΤΗΣ ΒΑΣΙΛΕΥΟΜΕΝΗΣ ΔΗΜΟΚΡΑΤΙΑΣ
ΤΑ ΚΑΤΑΡΓΟΥΜΕΝΑ ΚΑΙ ΤΑ ΝΕΑ ΑΡΘΡΑ
ΚΑΙ ΤΟ ΦΟΡΕΩΝ ΤΩΝ ΕΚΛΟΓΩΝ

▆▆▆▆ ▆▆▆▆▆▆ ▆▆▆ ▆▆▆▆▆ ▆▆▆▆ ▆▆▆▆▆▆ ▆▆▆ ▆▆▆▆▆ ▆▆▆▆ ▆▆▆▆▆▆▆ ▆▆▆ ▆▆▆▆▆ ▆▆▆▆ ▆▆▆▆▆▆ ▆▆▆ ▆▆▆▆▆ ▆▆▆▆ ▆▆▆▆▆▆ ▆▆▆ ▆▆▆▆▆ ▆▆▆▆▆▆ ▆▆▆▆ ▆▆▆▆▆ ▆▆▆ ▆▆▆▆▆▆▆ ▆▆▆▆ ▆▆▆▆▆ ▆▆▆▆▆▆ ▆▆▆ ▆▆▆▆ ▆▆▆▆▆▆ ▆▆▆▆▆ ▆▆▆▆ ▆▆▆▆▆▆ ▆▆▆ ▆▆▆▆▆ ▆▆▆▆ ▆▆▆▆▆▆ ▆▆▆ ▆▆▆▆▆ ▆▆▆▆ ▆▆▆▆▆▆ ▆▆▆ ▆▆▆▆▆ ▆▆▆▆▆▆ ▆▆▆▆ ▆▆▆▆▆ ▆▆▆ ▆▆▆▆▆▆▆ ▆▆▆▆

▆▆▆▆▆ ▆▆▆ ▆▆▆▆▆▆▆ ▆▆▆▆ ▆▆▆▆▆ ▆▆▆ ▆▆▆▆▆▆ ▆▆▆▆ ▆▆▆▆▆▆ ▆▆▆▆▆ ▆▆▆▆ ▆▆▆▆▆▆ ▆▆▆ ▆▆▆▆▆ ▆▆▆▆ ▆▆▆▆▆▆▆ ▆▆▆ ▆▆▆▆▆ ▆▆▆▆ ▆▆▆▆▆▆ ▆▆▆ ▆▆▆▆▆ ▆▆▆▆ ▆▆▆▆▆▆ ▆▆▆ ▆▆▆▆▆ ▆▆▆▆▆▆ ▆▆▆▆ ▆▆▆▆▆ ▆▆▆ ▆▆▆▆▆▆▆ ▆▆▆▆ ▆▆▆▆▆ ▆▆▆▆▆▆ ▆▆▆ ▆▆▆▆ ▆▆▆▆▆▆ ▆▆▆▆▆ ▆▆▆▆ ▆▆▆▆▆▆ ▆▆▆ ▆▆▆▆▆ ▆▆▆▆ ▆▆▆▆▆▆ ▆▆▆ ▆▆▆▆▆ ▆▆▆▆ ▆▆▆▆▆▆ ▆▆▆ ▆▆▆▆▆

▆▆▆ ▆▆▆▆▆ ▆▆▆▆ ▆▆▆▆▆▆▆ ▆▆▆ ▆▆▆▆▆ ▆▆▆▆ ▆▆▆▆▆▆ ▆▆▆ ▆▆▆▆▆ ▆▆▆▆ ▆▆▆▆▆▆ ▆▆▆ ▆▆▆▆▆ ▆▆▆▆▆▆ ▆▆▆▆ ▆▆▆▆▆ ▆▆▆ ▆▆▆▆▆▆▆ ▆▆▆▆ ▆▆▆▆▆ ▆▆▆▆▆▆ ▆▆▆ ▆▆▆▆ ▆▆▆▆▆▆ ▆▆▆▆▆ ▆▆▆▆ ▆▆▆▆▆▆ ▆▆▆ ▆▆▆▆▆ ▆▆▆▆ ▆▆▆▆▆▆ ▆▆▆ ▆▆▆▆▆ ▆▆▆▆ ▆▆▆▆▆▆ ▆▆▆ ▆▆▆▆▆ ▆▆▆▆▆▆ ▆▆▆▆ ▆▆▆▆▆ ▆▆▆ ▆▆▆▆▆▆▆ ▆▆▆▆ ▆▆▆▆▆ ▆▆▆▆▆▆ ▆▆▆
